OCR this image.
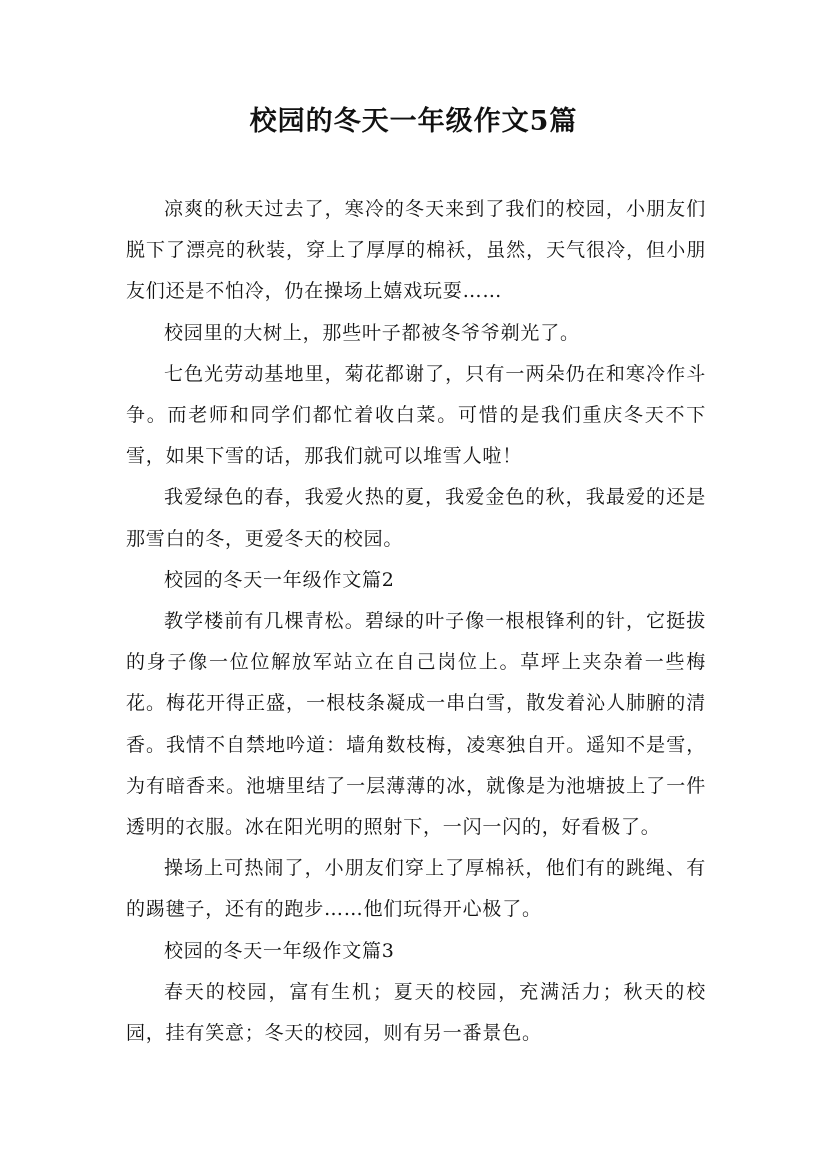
校园的冬天一年级作文5篇

凉爽的秋天过去了，寒冷的冬天来到了我们的校园，小朋友们脱下了漂亮的秋装，穿上了厚厚的棉袄，虽然，天气很冷，但小朋友们还是不怕冷，仍在操场上嬉戏玩耍……

校园里的大树上，那些叶子都被冬爷爷剃光了。

七色光劳动基地里，菊花都谢了，只有一两朵仍在和寒冷作斗争。而老师和同学们都忙着收白菜。可惜的是我们重庆冬天不下雪，如果下雪的话，那我们就可以堆雪人啦！

我爱绿色的春，我爱火热的夏，我爱金色的秋，我最爱的还是那雪白的冬，更爱冬天的校园。

校园的冬天一年级作文篇2

教学楼前有几棵青松。碧绿的叶子像一根根锋利的针，它挺拔的身子像一位位解放军站立在自己岗位上。草坪上夹杂着一些梅花。梅花开得正盛，一根枝条凝成一串白雪，散发着沁人肺腑的清香。我情不自禁地吟道：墙角数枝梅，凌寒独自开。遥知不是雪，为有暗香来。池塘里结了一层薄薄的冰，就像是为池塘披上了一件透明的衣服。冰在阳光明的照射下，一闪一闪的，好看极了。

操场上可热闹了，小朋友们穿上了厚棉袄，他们有的跳绳、有的踢毽子，还有的跑步……他们玩得开心极了。

校园的冬天一年级作文篇3

春天的校园，富有生机；夏天的校园，充满活力；秋天的校园，挂有笑意；冬天的校园，则有另一番景色。
